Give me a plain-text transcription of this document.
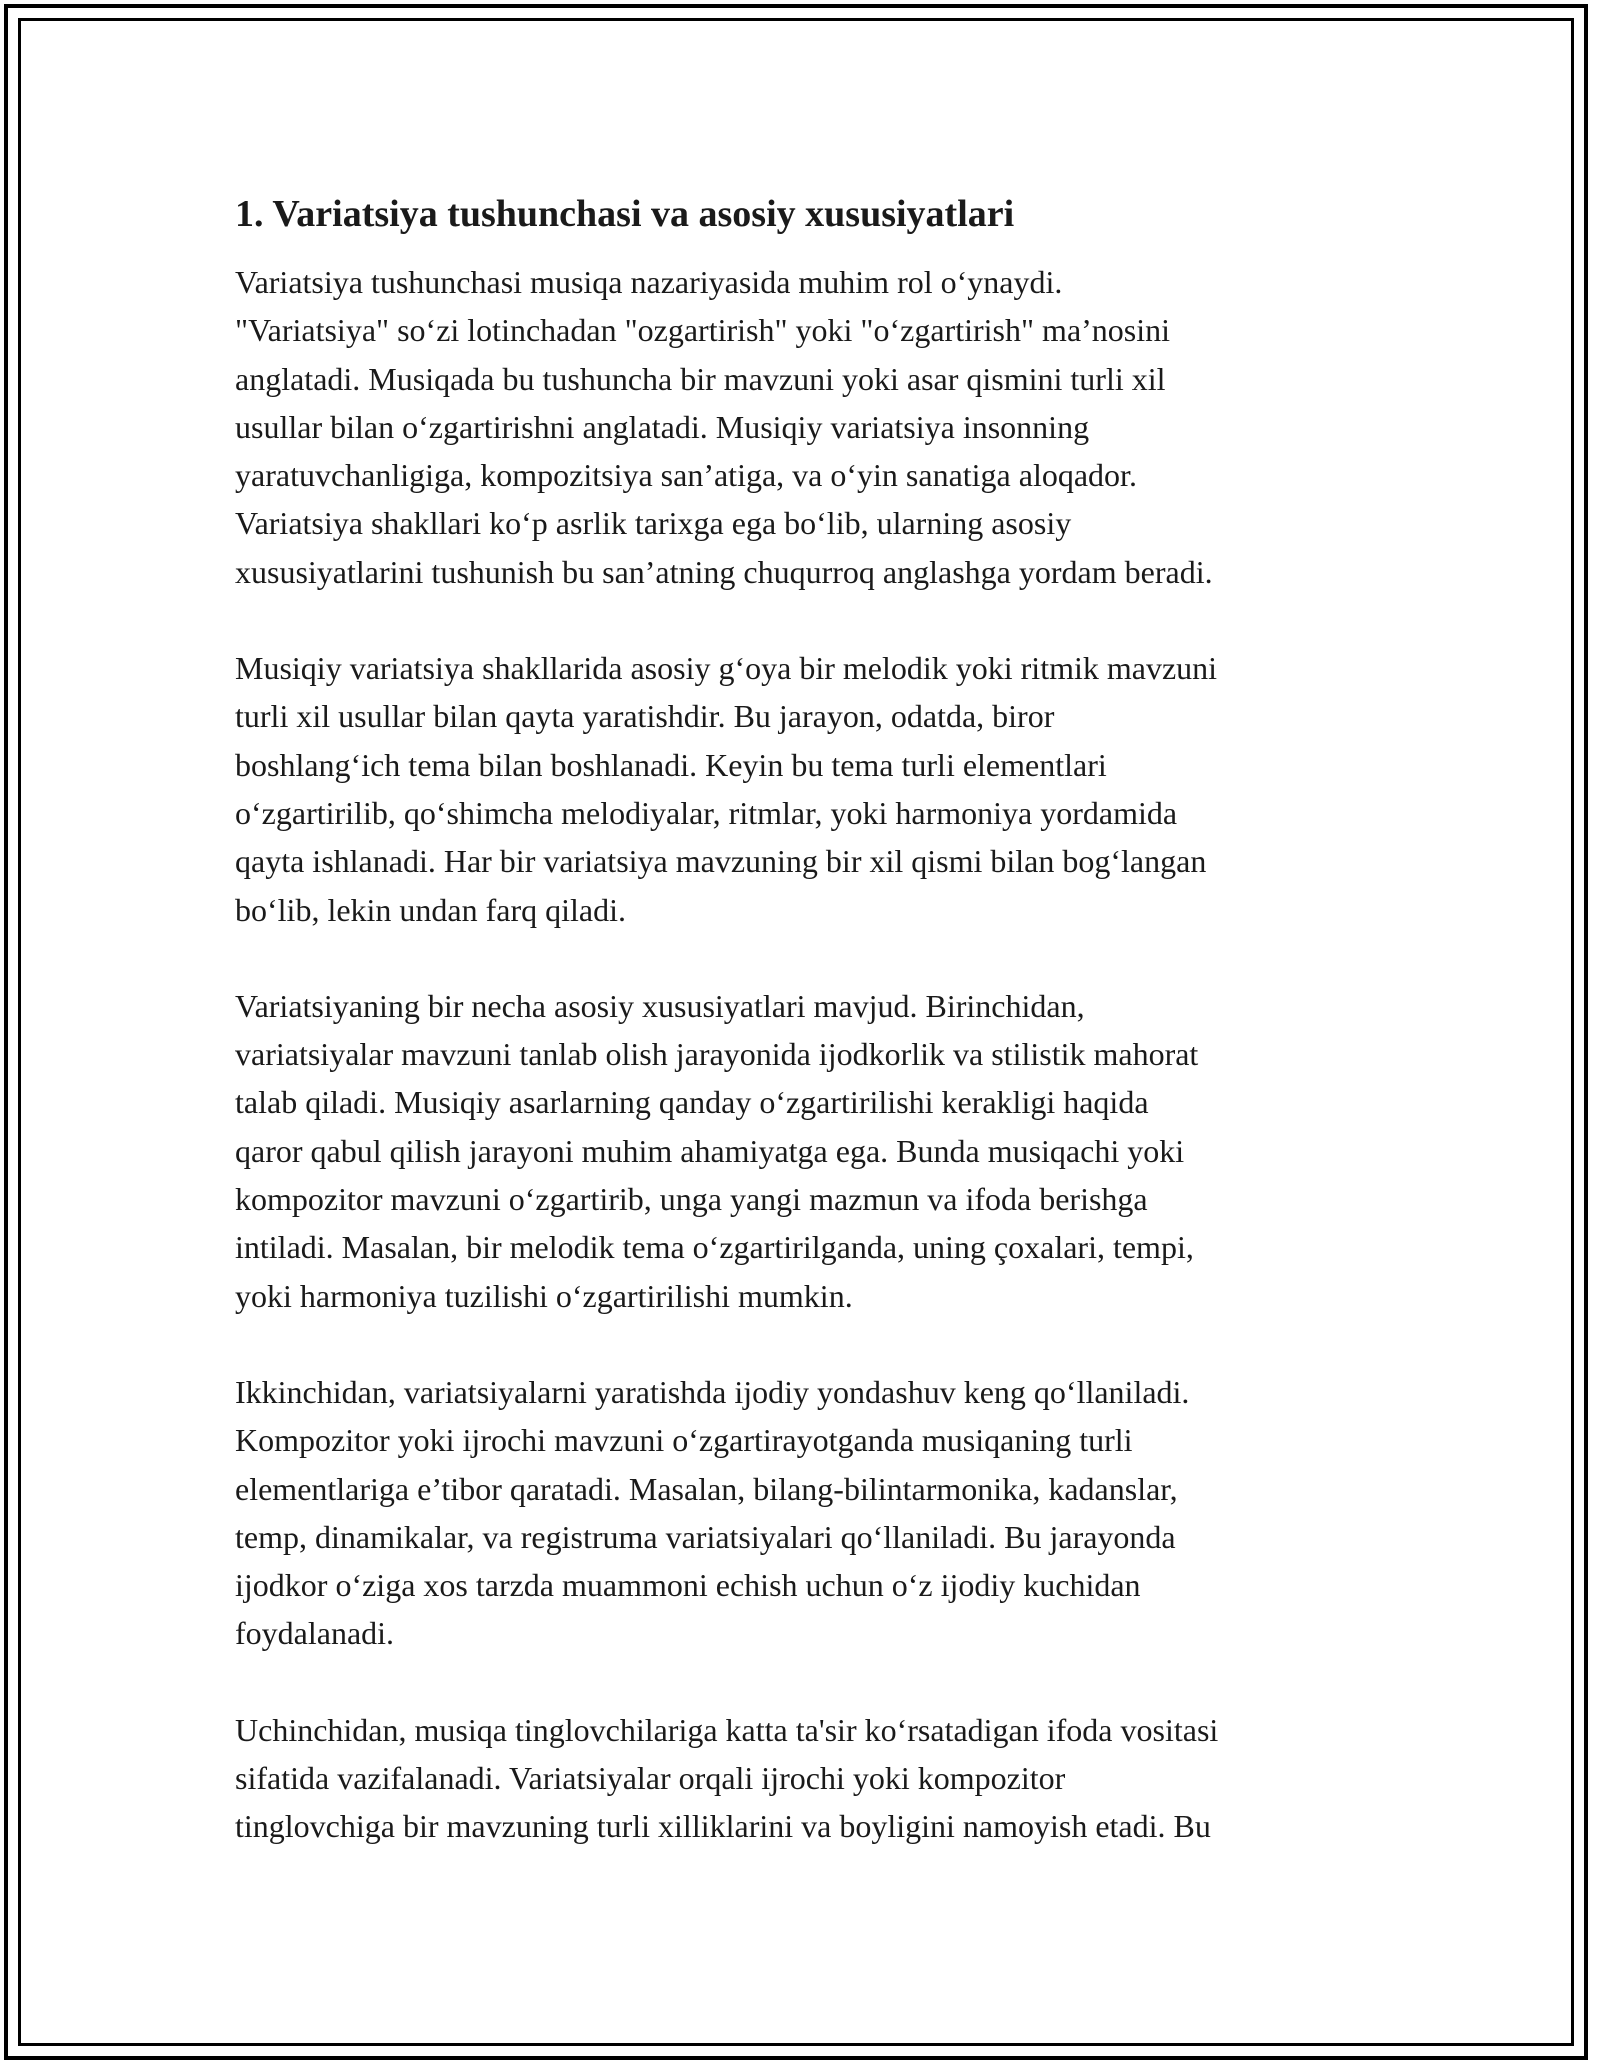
1. Variatsiya tushunchasi va asosiy xususiyatlari

Variatsiya tushunchasi musiqa nazariyasida muhim rol o‘ynaydi.
"Variatsiya" so‘zi lotinchadan "ozgartirish" yoki "o‘zgartirish" ma’nosini
anglatadi. Musiqada bu tushuncha bir mavzuni yoki asar qismini turli xil
usullar bilan o‘zgartirishni anglatadi. Musiqiy variatsiya insonning
yaratuvchanligiga, kompozitsiya san’atiga, va o‘yin sanatiga aloqador.
Variatsiya shakllari ko‘p asrlik tarixga ega bo‘lib, ularning asosiy
xususiyatlarini tushunish bu san’atning chuqurroq anglashga yordam beradi.

Musiqiy variatsiya shakllarida asosiy g‘oya bir melodik yoki ritmik mavzuni
turli xil usullar bilan qayta yaratishdir. Bu jarayon, odatda, biror
boshlang‘ich tema bilan boshlanadi. Keyin bu tema turli elementlari
o‘zgartirilib, qo‘shimcha melodiyalar, ritmlar, yoki harmoniya yordamida
qayta ishlanadi. Har bir variatsiya mavzuning bir xil qismi bilan bog‘langan
bo‘lib, lekin undan farq qiladi.

Variatsiyaning bir necha asosiy xususiyatlari mavjud. Birinchidan,
variatsiyalar mavzuni tanlab olish jarayonida ijodkorlik va stilistik mahorat
talab qiladi. Musiqiy asarlarning qanday o‘zgartirilishi kerakligi haqida
qaror qabul qilish jarayoni muhim ahamiyatga ega. Bunda musiqachi yoki
kompozitor mavzuni o‘zgartirib, unga yangi mazmun va ifoda berishga
intiladi. Masalan, bir melodik tema o‘zgartirilganda, uning çoxalari, tempi,
yoki harmoniya tuzilishi o‘zgartirilishi mumkin.

Ikkinchidan, variatsiyalarni yaratishda ijodiy yondashuv keng qo‘llaniladi.
Kompozitor yoki ijrochi mavzuni o‘zgartirayotganda musiqaning turli
elementlariga e’tibor qaratadi. Masalan, bilang-bilintarmonika, kadanslar,
temp, dinamikalar, va registruma variatsiyalari qo‘llaniladi. Bu jarayonda
ijodkor o‘ziga xos tarzda muammoni echish uchun o‘z ijodiy kuchidan
foydalanadi.

Uchinchidan, musiqa tinglovchilariga katta ta'sir ko‘rsatadigan ifoda vositasi
sifatida vazifalanadi. Variatsiyalar orqali ijrochi yoki kompozitor
tinglovchiga bir mavzuning turli xilliklarini va boyligini namoyish etadi. Bu
